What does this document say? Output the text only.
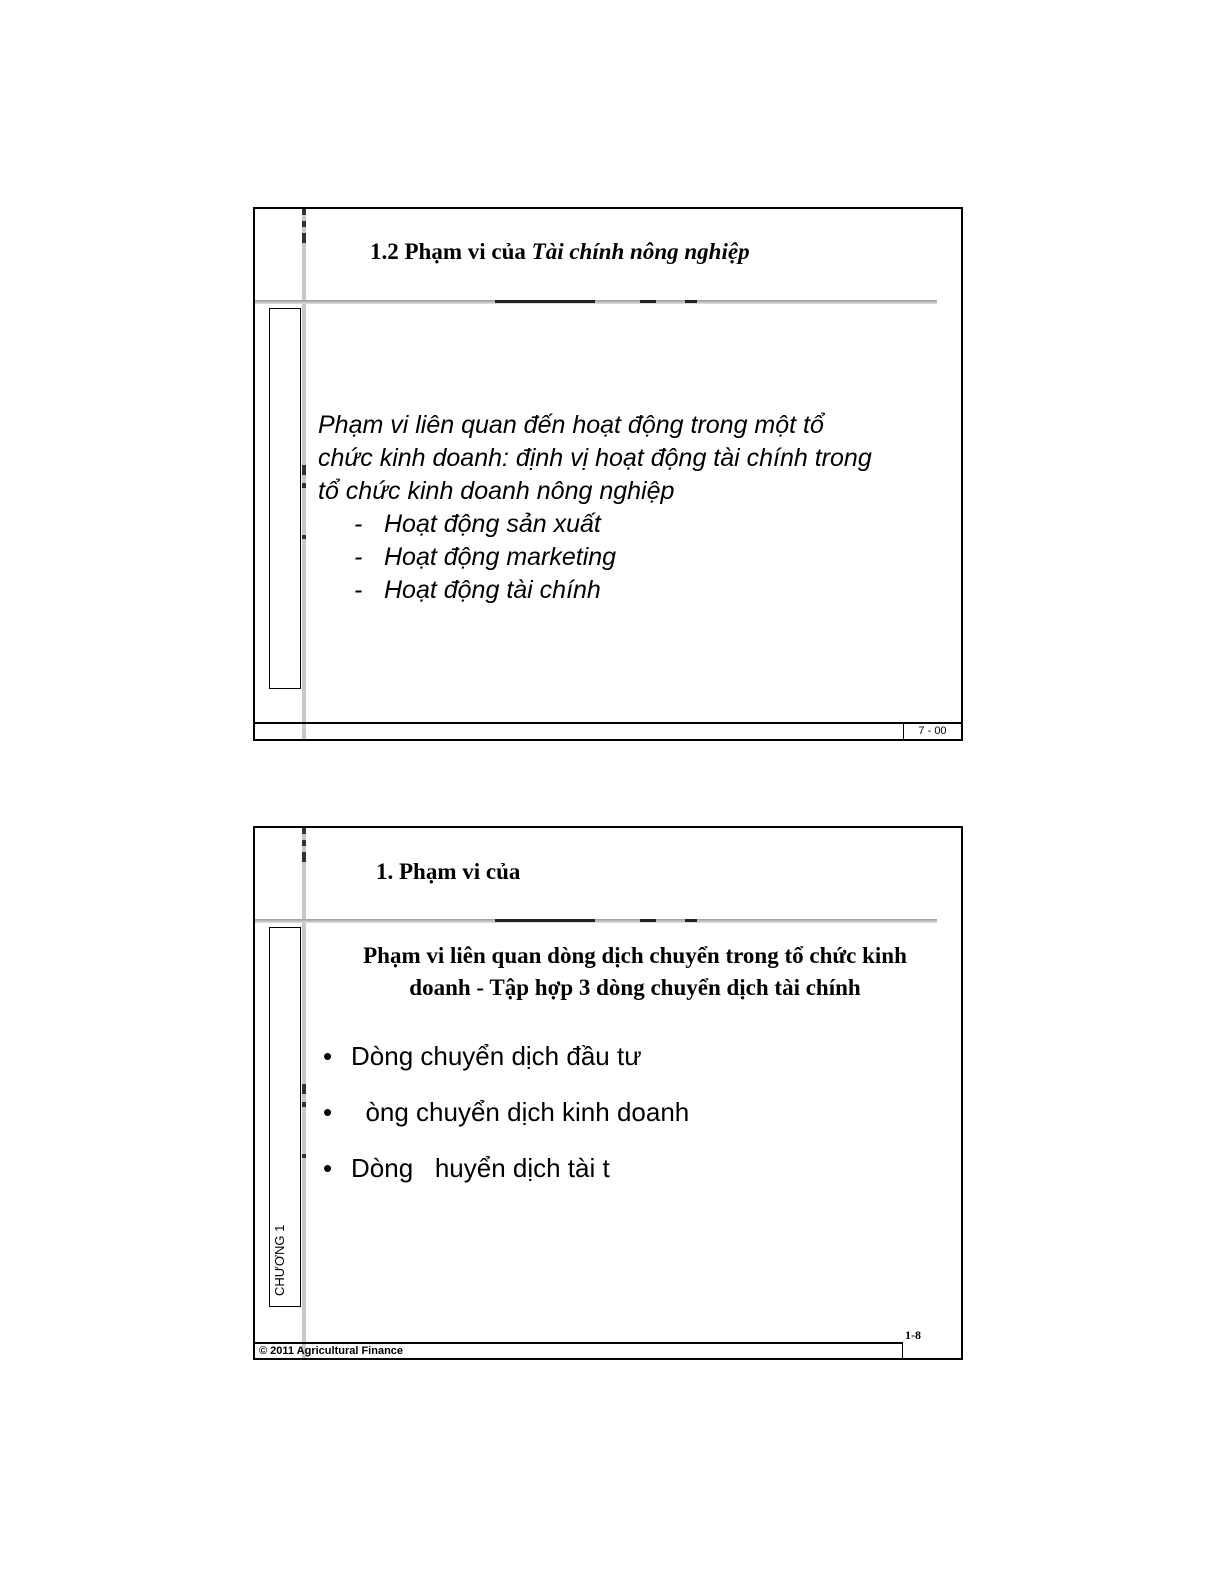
1.2 Phạm vi của Tài chính nông nghiệp
Phạm vi liên quan đến hoạt động trong một tổ
chức kinh doanh: định vị hoạt động tài chính trong
tổ chức kinh doanh nông nghiệp
- Hoạt động sản xuất
- Hoạt động marketing
- Hoạt động tài chính
7 - 00
CHƯƠNG 1
1. Phạm vi của
Phạm vi liên quan dòng dịch chuyển trong tổ chức kinh
doanh - Tập hợp 3 dòng chuyển dịch tài chính
• Dòng chuyển dịch đầu tư
•  òng chuyển dịch kinh doanh
• Dòng   huyển dịch tài t
1-8
© 2011 Agricultural Finance
